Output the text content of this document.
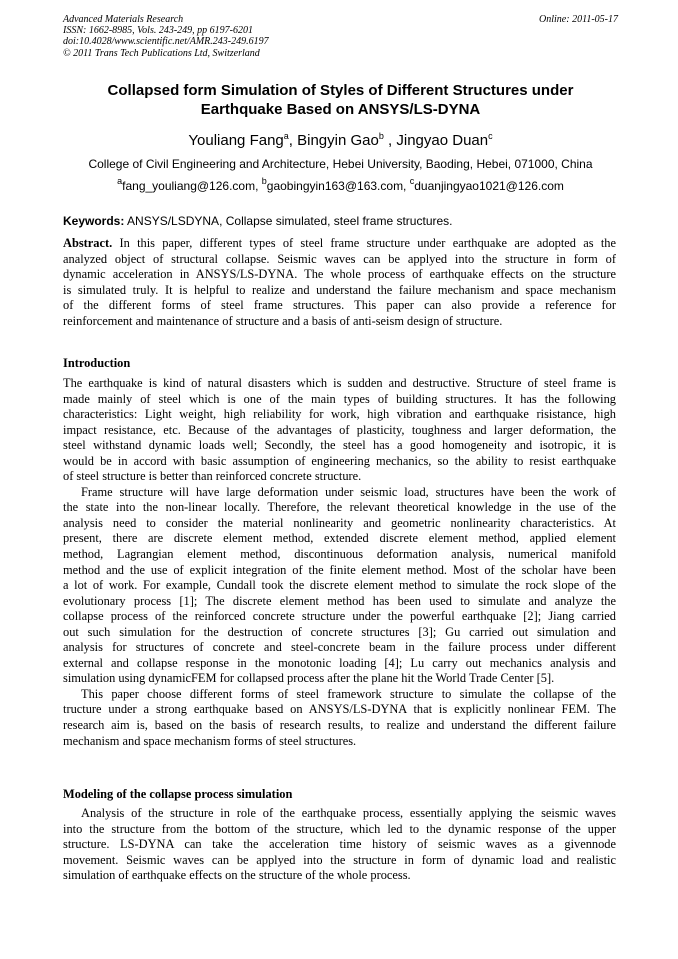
Advanced Materials Research
ISSN: 1662-8985, Vols. 243-249, pp 6197-6201
doi:10.4028/www.scientific.net/AMR.243-249.6197
© 2011 Trans Tech Publications Ltd, Switzerland
Online: 2011-05-17
Collapsed form Simulation of Styles of Different Structures under
Earthquake Based on ANSYS/LS-DYNA
Youliang Fang$^a$, Bingyin Gao$^b$ , Jingyao Duan$^c$
College of Civil Engineering and Architecture, Hebei University, Baoding, Hebei, 071000, China
$^a$fang_youliang@126.com, $^b$gaobingyin163@163.com, $^c$duanjingyao1021@126.com
Keywords: ANSYS/LSDYNA, Collapse simulated, steel frame structures.
Abstract. In this paper, different types of steel frame structure under earthquake are adopted as the
analyzed object of structural collapse. Seismic waves can be applyed into the structure in form of
dynamic acceleration in ANSYS/LS-DYNA. The whole process of earthquake effects on the structure
is simulated truly. It is helpful to realize and understand the failure mechanism and space mechanism
of the different forms of steel frame structures. This paper can also provide a reference for
reinforcement and maintenance of structure and a basis of anti-seism design of structure.
Introduction

The earthquake is kind of natural disasters which is sudden and destructive. Structure of steel frame is
made mainly of steel which is one of the main types of building structures. It has the following
characteristics: Light weight, high reliability for work, high vibration and earthquake risistance, high
impact resistance, etc. Because of the advantages of plasticity, toughness and larger deformation, the
steel withstand dynamic loads well; Secondly, the steel has a good homogeneity and isotropic, it is
would be in accord with basic assumption of engineering mechanics, so the ability to resist earthquake
of steel structure is better than reinforced concrete structure.

Frame structure will have large deformation under seismic load, structures have been the work of
the state into the non-linear locally. Therefore, the relevant theoretical knowledge in the use of the
analysis need to consider the material nonlinearity and geometric nonlinearity characteristics. At
present, there are discrete element method, extended discrete element method, applied element
method, Lagrangian element method, discontinuous deformation analysis, numerical manifold
method and the use of explicit integration of the finite element method. Most of the scholar have been
a lot of work. For example, Cundall took the discrete element method to simulate the rock slope of the
evolutionary process [1]; The discrete element method has been used to simulate and analyze the
collapse process of the reinforced concrete structure under the powerful earthquake [2]; Jiang carried
out such simulation for the destruction of concrete structures [3]; Gu carried out simulation and
analysis for structures of concrete and steel-concrete beam in the failure process under different
external and collapse response in the monotonic loading [4]; Lu carry out mechanics analysis and
simulation using dynamicFEM for collapsed process after the plane hit the World Trade Center [5].

This paper choose different forms of steel framework structure to simulate the collapse of the
tructure under a strong earthquake based on ANSYS/LS-DYNA that is explicitly nonlinear FEM. The
research aim is, based on the basis of research results, to realize and understand the different failure
mechanism and space mechanism forms of steel structures.

Modeling of the collapse process simulation

Analysis of the structure in role of the earthquake process, essentially applying the seismic waves
into the structure from the bottom of the structure, which led to the dynamic response of the upper
structure. LS-DYNA can take the acceleration time history of seismic waves as a givennode
movement. Seismic waves can be applyed into the structure in form of dynamic load and realistic
simulation of earthquake effects on the structure of the whole process.
